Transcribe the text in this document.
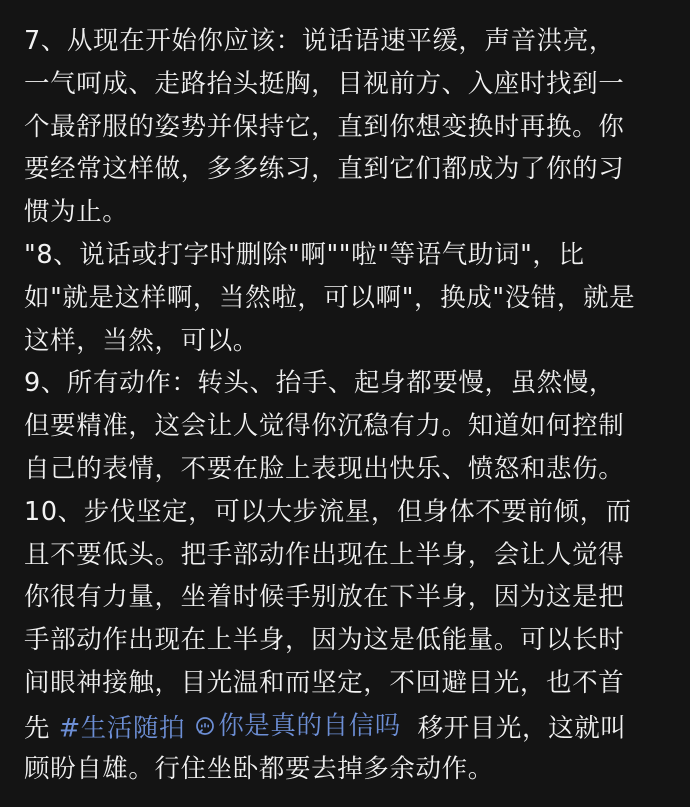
7、从现在开始你应该：说话语速平缓，声音洪亮，
一气呵成、走路抬头挺胸，目视前方、入座时找到一
个最舒服的姿势并保持它，直到你想变换时再换。你
要经常这样做，多多练习，直到它们都成为了你的习
惯为止。
"8、说话或打字时删除"啊""啦"等语气助词"，比
如"就是这样啊，当然啦，可以啊"，换成"没错，就是
这样，当然，可以。
9、所有动作：转头、抬手、起身都要慢，虽然慢，
但要精准，这会让人觉得你沉稳有力。知道如何控制
自己的表情，不要在脸上表现出快乐、愤怒和悲伤。
10、步伐坚定，可以大步流星，但身体不要前倾，而
且不要低头。把手部动作出现在上半身，会让人觉得
你很有力量，坐着时候手别放在下半身，因为这是把
手部动作出现在上半身，因为这是低能量。可以长时
间眼神接触，目光温和而坚定，不回避目光，也不首
先 #生活随拍 你是真的自信吗 移开目光，这就叫
顾盼自雄。行住坐卧都要去掉多余动作。
